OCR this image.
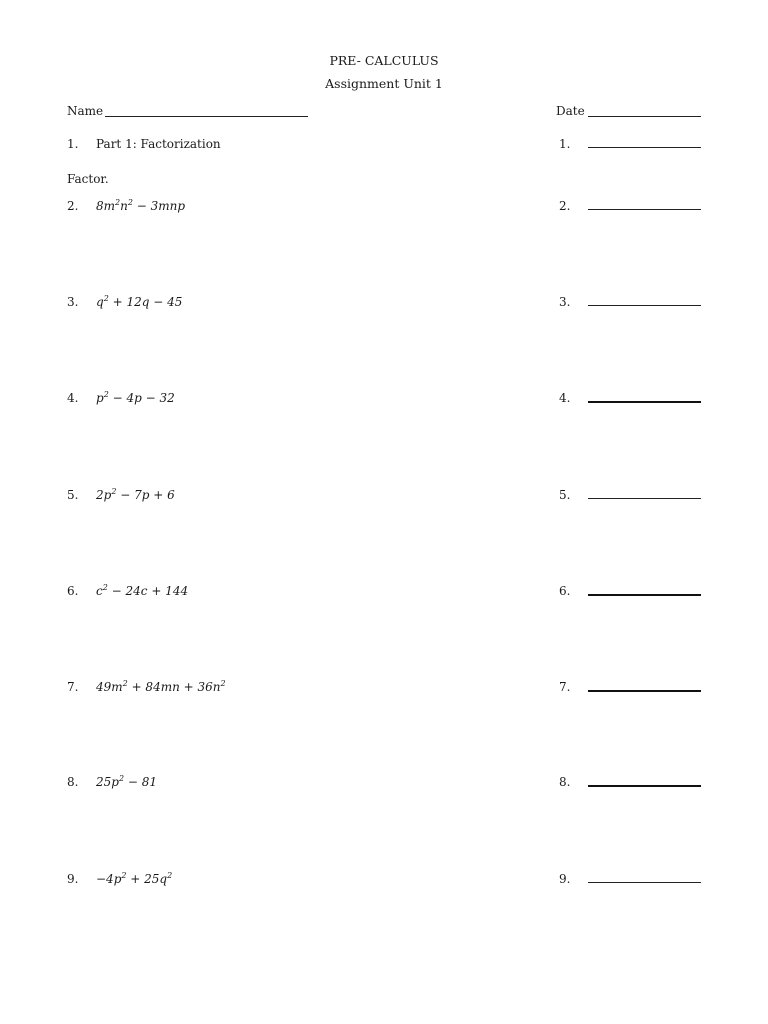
PRE- CALCULUS
Assignment Unit 1
Name	Date
1. Part 1: Factorization	1.
Factor.
2. $8m^2n^2 - 3mnp$	2.
3. $q^2 + 12q - 45$	3.
4. $p^2 - 4p - 32$	4.
5. $2p^2 - 7p + 6$	5.
6. $c^2 - 24c + 144$	6.
7. $49m^2 + 84mn + 36n^2$	7.
8. $25p^2 - 81$	8.
9. $-4p^2 + 25q^2$	9.
